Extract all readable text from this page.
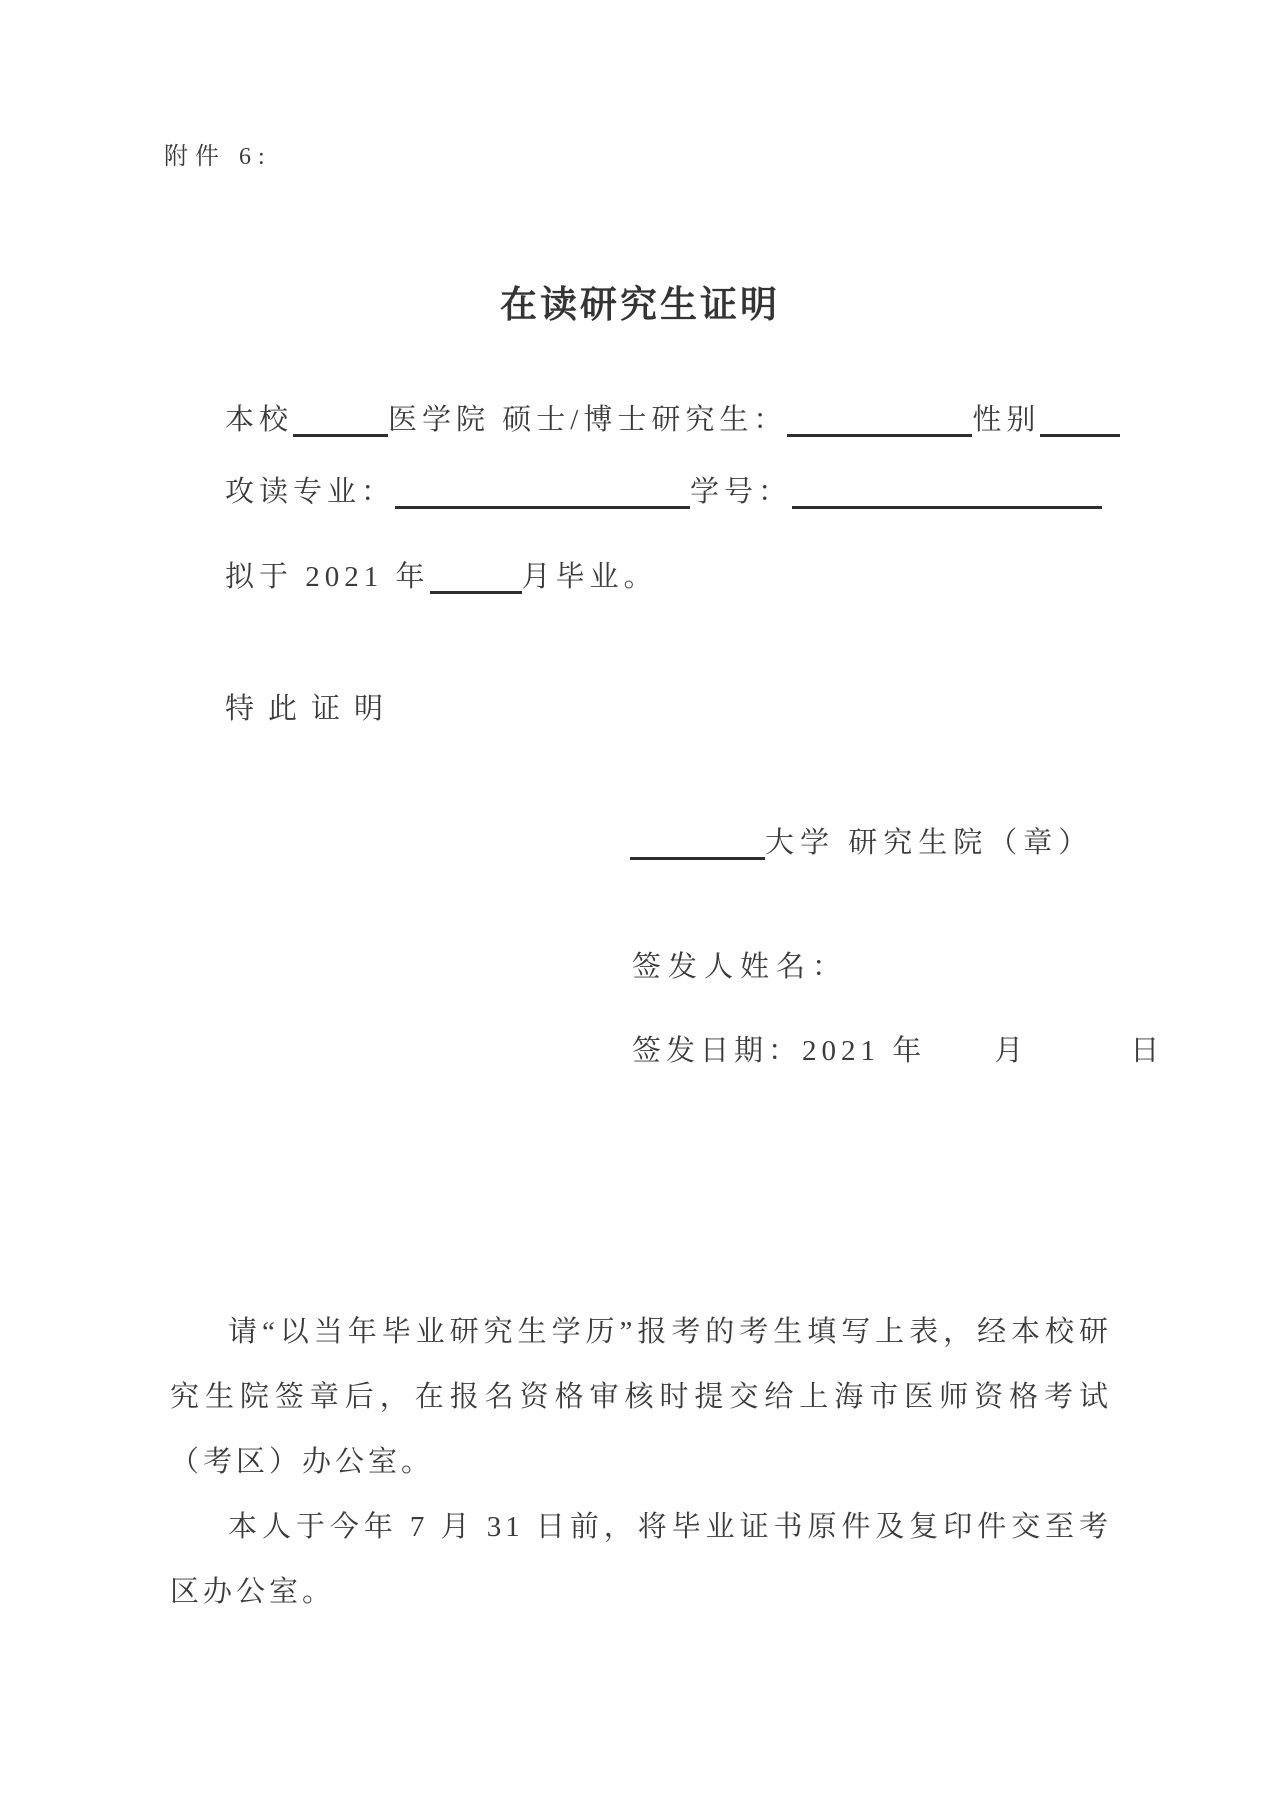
附件 6:
在读研究生证明
本校	医学院 硕士/博士研究生：	性别
攻读专业：	学号：
拟于 2021 年	月毕业。
特此证明
大学 研究生院（章）
签发人姓名：
签发日期：2021 年　　月　　　日

请“以当年毕业研究生学历”报考的考生填写上表，经本校研究生院签章后，在报名资格审核时提交给上海市医师资格考试（考区）办公室。

本人于今年 7 月 31 日前，将毕业证书原件及复印件交至考区办公室。
